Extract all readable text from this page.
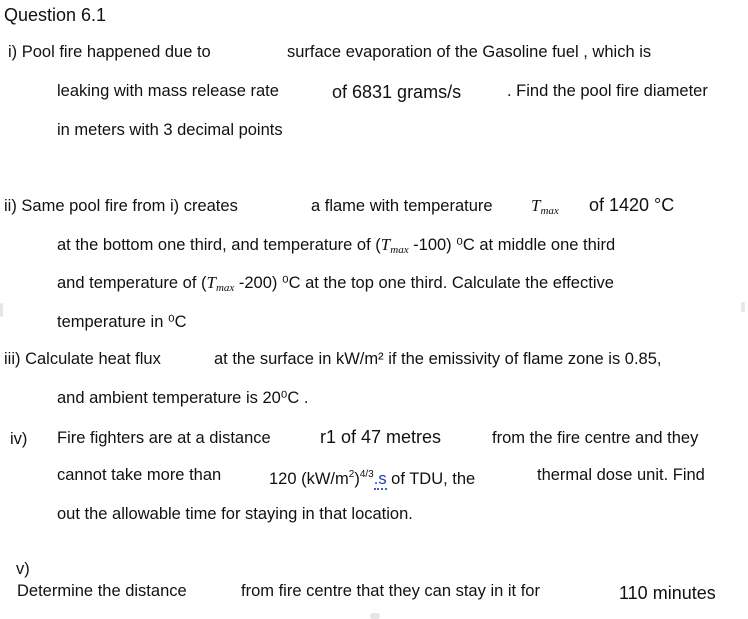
Question 6.1
i) Pool fire happened due to	surface evaporation of the Gasoline fuel , which is
leaking with mass release rate	of 6831 grams/s	. Find the pool fire diameter
in meters with 3 decimal points
ii) Same pool fire from i) creates	a flame with temperature $T_{max}$ of 1420 °C
at the bottom one third, and temperature of ($T_{max}$ -100) ⁰C at middle one third
and temperature of ($T_{max}$ -200) ⁰C at the top one third. Calculate the effective
temperature in ⁰C
iii) Calculate heat flux	at the surface in kW/m² if the emissivity of flame zone is 0.85,
and ambient temperature is 20⁰C .
iv) Fire fighters are at a distance	r1 of 47 metres	from the fire centre and they
cannot take more than	120 $(kW/m^2)^{4/3}.s$ of TDU, the	thermal dose unit. Find
out the allowable time for staying in that location.
v)
Determine the distance	from fire centre that they can stay in it for	110 minutes
